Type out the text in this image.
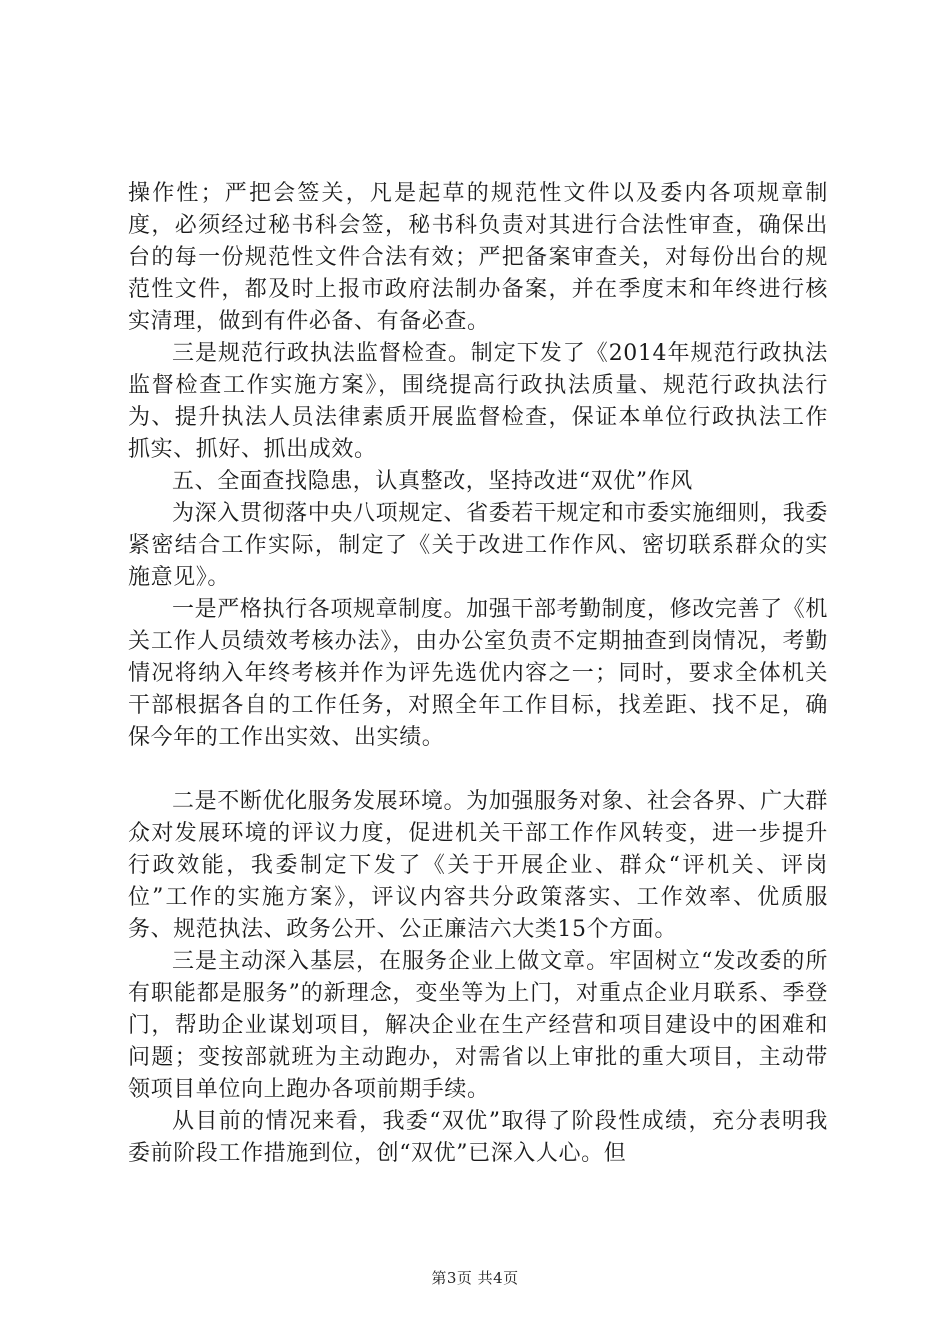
操作性；严把会签关，凡是起草的规范性文件以及委内各项规章制度，必须经过秘书科会签，秘书科负责对其进行合法性审查，确保出台的每一份规范性文件合法有效；严把备案审查关，对每份出台的规范性文件，都及时上报市政府法制办备案，并在季度末和年终进行核实清理，做到有件必备、有备必查。

三是规范行政执法监督检查。制定下发了《2014年规范行政执法监督检查工作实施方案》，围绕提高行政执法质量、规范行政执法行为、提升执法人员法律素质开展监督检查，保证本单位行政执法工作抓实、抓好、抓出成效。

五、全面查找隐患，认真整改，坚持改进“双优”作风

为深入贯彻落中央八项规定、省委若干规定和市委实施细则，我委紧密结合工作实际，制定了《关于改进工作作风、密切联系群众的实施意见》。

一是严格执行各项规章制度。加强干部考勤制度，修改完善了《机关工作人员绩效考核办法》，由办公室负责不定期抽查到岗情况，考勤情况将纳入年终考核并作为评先选优内容之一；同时，要求全体机关干部根据各自的工作任务，对照全年工作目标，找差距、找不足，确保今年的工作出实效、出实绩。

二是不断优化服务发展环境。为加强服务对象、社会各界、广大群众对发展环境的评议力度，促进机关干部工作作风转变，进一步提升行政效能，我委制定下发了《关于开展企业、群众“评机关、评岗位”工作的实施方案》，评议内容共分政策落实、工作效率、优质服务、规范执法、政务公开、公正廉洁六大类15个方面。

三是主动深入基层，在服务企业上做文章。牢固树立“发改委的所有职能都是服务”的新理念，变坐等为上门，对重点企业月联系、季登门，帮助企业谋划项目，解决企业在生产经营和项目建设中的困难和问题；变按部就班为主动跑办，对需省以上审批的重大项目，主动带领项目单位向上跑办各项前期手续。

从目前的情况来看，我委“双优”取得了阶段性成绩，充分表明我委前阶段工作措施到位，创“双优”已深入人心。但

第3页 共4页
